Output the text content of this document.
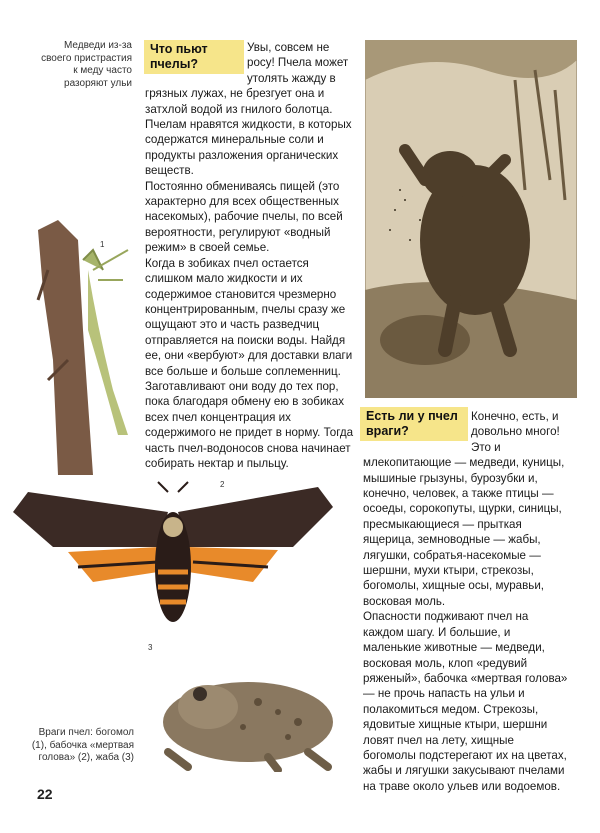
Медведи из-за своего пристрастия к меду часто разоряют ульи
Враги пчел: богомол (1), бабочка «мертвая голова» (2), жаба (3)
Что пьют пчелы?

Увы, совсем не росу! Пчела может утолять жажду в грязных лужах, не брезгует она и затхлой водой из гнилого болотца. Пчелам нравятся жидкости, в которых содержатся минеральные соли и продукты разложения органических веществ.

Постоянно обмениваясь пищей (это характерно для всех общественных насекомых), рабочие пчелы, по всей вероятности, регулируют «водный режим» в своей семье.

Когда в зобиках пчел остается слишком мало жидкости и их содержимое становится чрезмерно концентрированным, пчелы сразу же ощущают это и часть разведчиц отправляется на поиски воды. Найдя ее, они «вербуют» для доставки влаги все больше и больше соплеменниц. Заготавливают они воду до тех пор, пока благодаря обмену ею в зобиках всех пчел концентрация их содержимого не придет в норму. Тогда часть пчел-водоносов снова начинает собирать нектар и пыльцу.

Есть ли у пчел враги?

Конечно, есть, и довольно много! Это и млекопитающие — медведи, куницы, мышиные грызуны, бурозубки и, конечно, человек, а также птицы — осоеды, сорокопуты, щурки, синицы, пресмыкающиеся — прыткая ящерица, земноводные — жабы, лягушки, собратья-насекомые — шершни, мухи ктыри, стрекозы, богомолы, хищные осы, муравьи, восковая моль.

Опасности подживают пчел на каждом шагу. И большие, и маленькие животные — медведи, восковая моль, клоп «редувий ряженый», бабочка «мертвая голова» — не прочь напасть на ульи и полакомиться медом. Стрекозы, ядовитые хищные ктыри, шершни ловят пчел на лету, хищные богомолы подстерегают их на цветах, жабы и лягушки закусывают пчелами на траве около ульев или водоемов.

1
2
3
22
